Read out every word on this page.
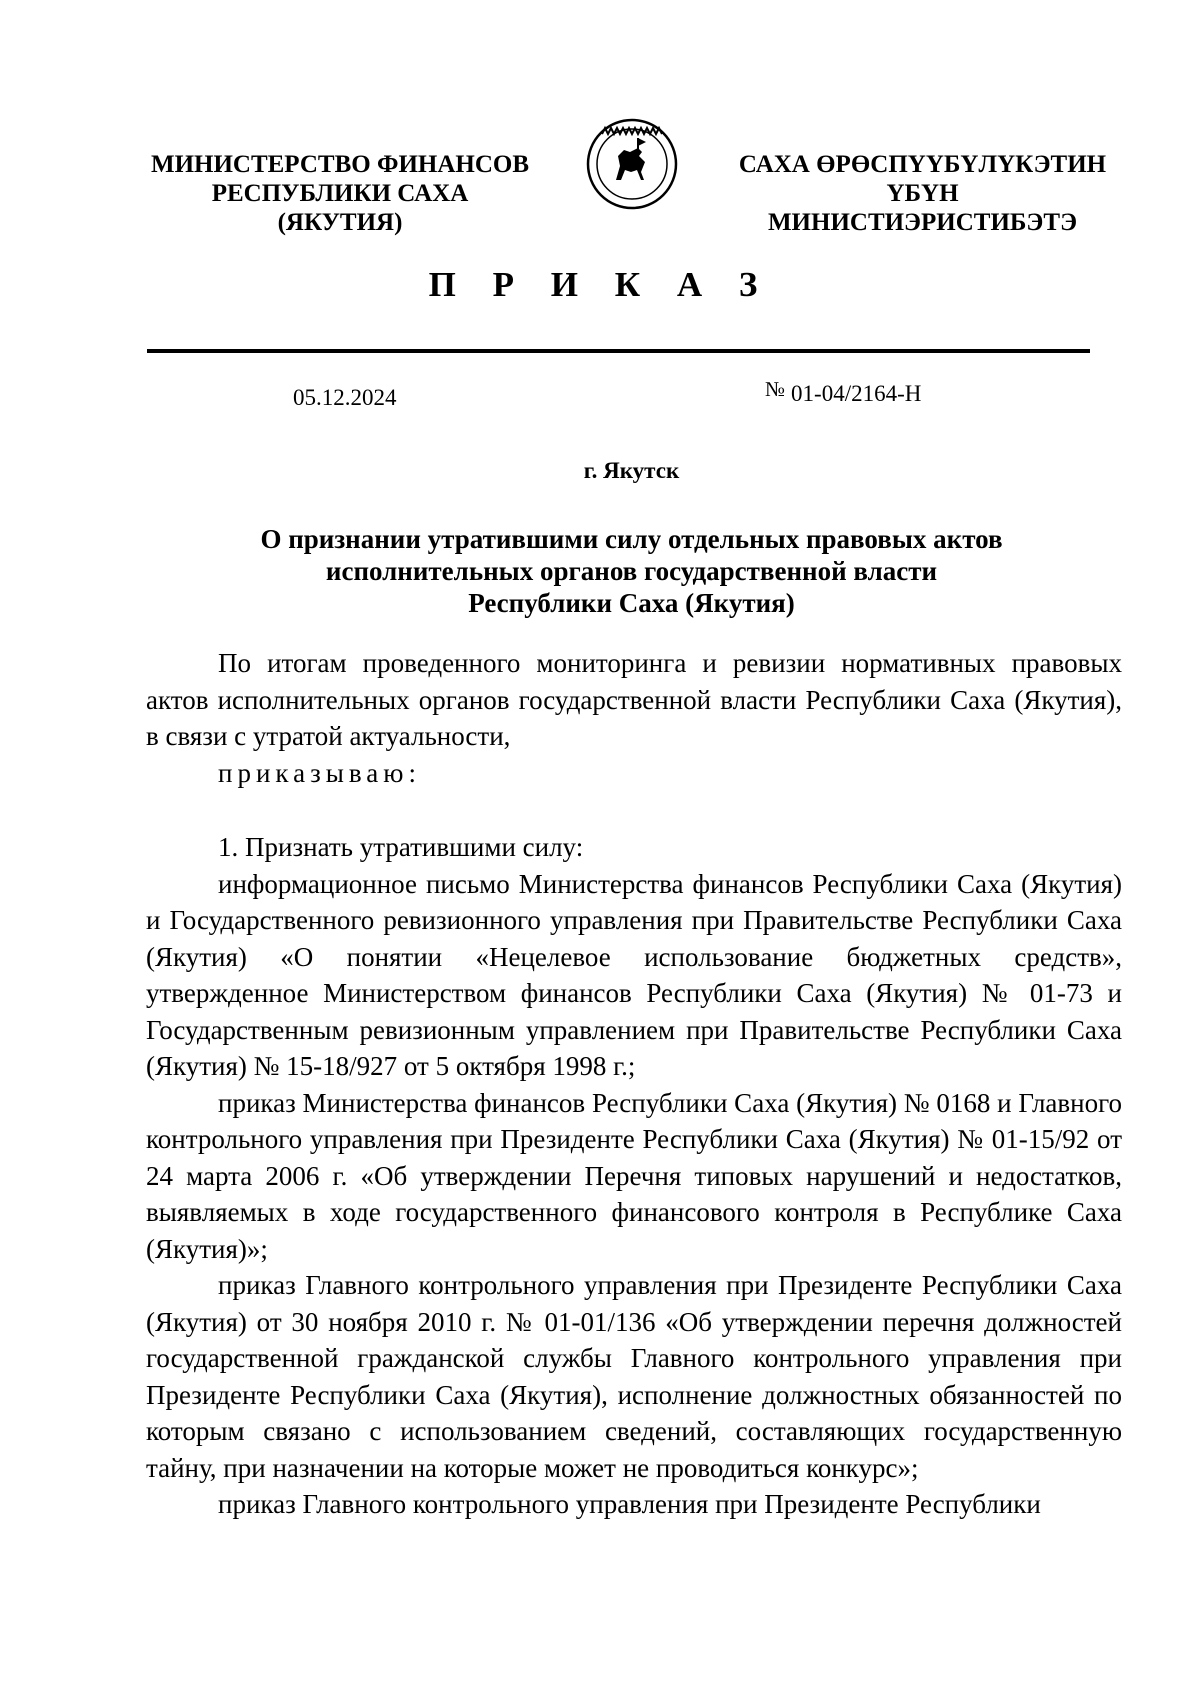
МИНИСТЕРСТВО ФИНАНСОВ
РЕСПУБЛИКИ САХА (ЯКУТИЯ)
САХА ӨРӨСПҮҮБҮЛҮКЭТИН
ҮБҮН МИНИСТИЭРИСТИБЭТЭ
П Р И К А З
05.12.2024	№ 01-04/2164-Н
г. Якутск
О признании утратившими силу отдельных правовых актов
исполнительных органов государственной власти
Республики Саха (Якутия)

По итогам проведенного мониторинга и ревизии нормативных правовых актов исполнительных органов государственной власти Республики Саха (Якутия), в связи с утратой актуальности,

приказываю:

1. Признать утратившими силу:

информационное письмо Министерства финансов Республики Саха (Якутия) и Государственного ревизионного управления при Правительстве Республики Саха (Якутия) «О понятии «Нецелевое использование бюджетных средств», утвержденное Министерством финансов Республики Саха (Якутия) № 01-73 и Государственным ревизионным управлением при Правительстве Республики Саха (Якутия) № 15-18/927 от 5 октября 1998 г.;

приказ Министерства финансов Республики Саха (Якутия) № 0168 и Главного контрольного управления при Президенте Республики Саха (Якутия) № 01-15/92 от 24 марта 2006 г. «Об утверждении Перечня типовых нарушений и недостатков, выявляемых в ходе государственного финансового контроля в Республике Саха (Якутия)»;

приказ Главного контрольного управления при Президенте Республики Саха (Якутия) от 30 ноября 2010 г. № 01-01/136 «Об утверждении перечня должностей государственной гражданской службы Главного контрольного управления при Президенте Республики Саха (Якутия), исполнение должностных обязанностей по которым связано с использованием сведений, составляющих государственную тайну, при назначении на которые может не проводиться конкурс»;

приказ Главного контрольного управления при Президенте Республики
